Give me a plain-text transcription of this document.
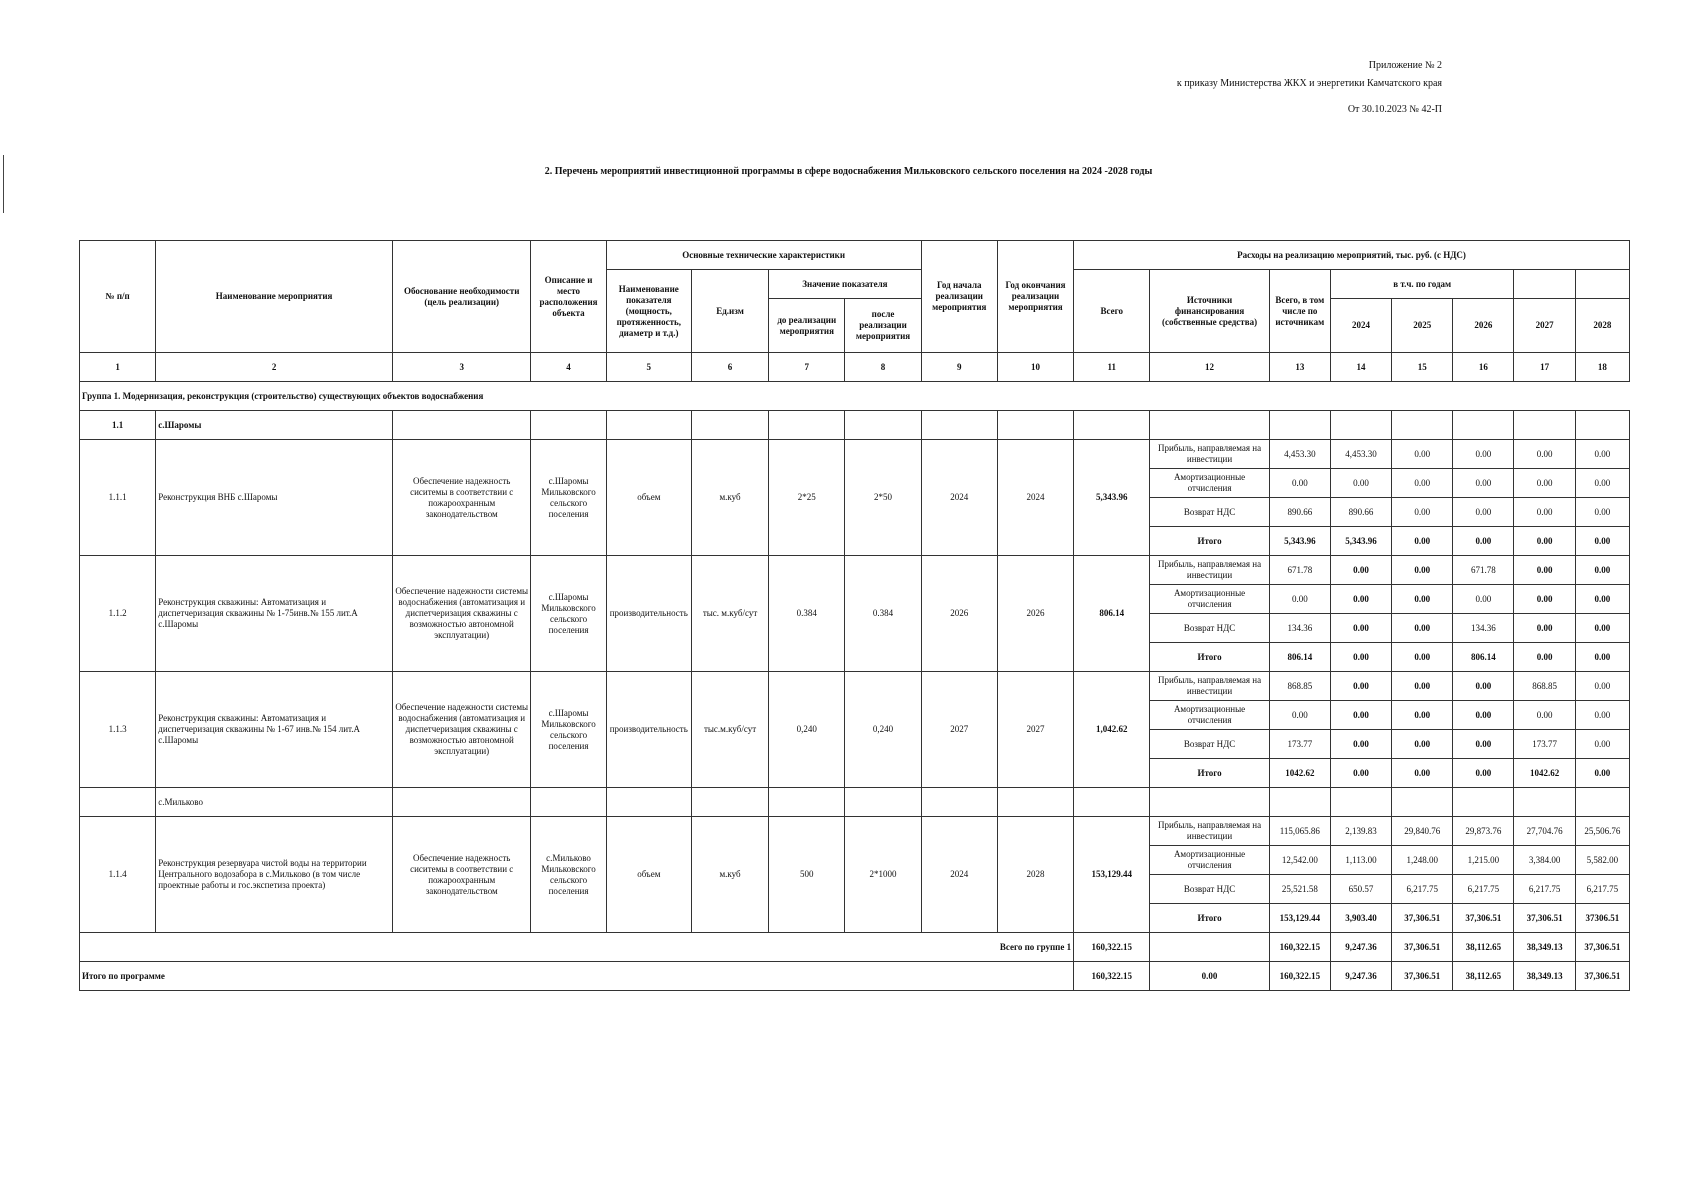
Приложение № 2
к приказу Министерства ЖКХ и энергетики Камчатского края
От 30.10.2023 № 42-П
2. Перечень мероприятий инвестиционной программы в сфере водоснабжения Мильковского сельского поселения на 2024 -2028 годы
№ п/п	Наименование мероприятия	Обоснование необходимости (цель реализации)	Описание и место расположения объекта	Основные технические характеристики				Год начала реализации мероприятия	Год окончания реализации мероприятия	Расходы на реализацию мероприятий, тыс. руб. (с НДС)							
				Наименование показателя (мощность, протяженность, диаметр и т.д.)	Ед.изм	Значение показателя				Всего	Источники финансирования (собственные средства)	Всего, в том числе по источникам	в т.ч. по годам				
						до реализации мероприятия	после реализации мероприятия						2024	2025	2026	2027	2028
1	2	3	4	5	6	7	8	9	10	11	12	13	14	15	16	17	18
Группа 1. Модернизация, реконструкция (строительство) существующих объектов водоснабжения																	
1.1	с.Шаромы																
1.1.1	Реконструкция ВНБ с.Шаромы	Обеспечение надежность сиситемы в соответствии с пожароохранным законодательством	с.Шаромы Мильковского сельского поселения	объем	м.куб	2*25	2*50	2024	2024	5,343.96	Прибыль, направляемая на инвестиции	4,453.30	4,453.30	0.00	0.00	0.00	0.00
											Амортизационные отчисления	0.00	0.00	0.00	0.00	0.00	0.00
											Возврат НДС	890.66	890.66	0.00	0.00	0.00	0.00
											Итого	5,343.96	5,343.96	0.00	0.00	0.00	0.00
1.1.2	Реконструкция скважины: Автоматизация и диспетчеризация скважины № 1-75инв.№ 155 лит.А с.Шаромы	Обеспечение надежности системы водоснабжения (автоматизация и диспетчеризация скважины с возможностью автономной эксплуатации)	с.Шаромы Мильковского сельского поселения	производительность	тыс. м.куб/сут	0.384	0.384	2026	2026	806.14	Прибыль, направляемая на инвестиции	671.78	0.00	0.00	671.78	0.00	0.00
											Амортизационные отчисления	0.00	0.00	0.00	0.00	0.00	0.00
											Возврат НДС	134.36	0.00	0.00	134.36	0.00	0.00
											Итого	806.14	0.00	0.00	806.14	0.00	0.00
1.1.3	Реконструкция скважины: Автоматизация и диспетчеризация скважины № 1-67 инв.№ 154 лит.А с.Шаромы	Обеспечение надежности системы водоснабжения (автоматизация и диспетчеризация скважины с возможностью автономной эксплуатации)	с.Шаромы Мильковского сельского поселения	производительность	тыс.м.куб/сут	0,240	0,240	2027	2027	1,042.62	Прибыль, направляемая на инвестиции	868.85	0.00	0.00	0.00	868.85	0.00
											Амортизационные отчисления	0.00	0.00	0.00	0.00	0.00	0.00
											Возврат НДС	173.77	0.00	0.00	0.00	173.77	0.00
											Итого	1042.62	0.00	0.00	0.00	1042.62	0.00
	с.Мильково																
1.1.4	Реконструкция резервуара чистой воды на территории Центрального водозабора в с.Мильково (в том числе проектные работы и гос.экспетиза проекта)	Обеспечение надежность сиситемы в соответствии с пожароохранным законодательством	с.Мильково Мильковского сельского поселения	объем	м.куб	500	2*1000	2024	2028	153,129.44	Прибыль, направляемая на инвестиции	115,065.86	2,139.83	29,840.76	29,873.76	27,704.76	25,506.76
											Амортизационные отчисления	12,542.00	1,113.00	1,248.00	1,215.00	3,384.00	5,582.00
											Возврат НДС	25,521.58	650.57	6,217.75	6,217.75	6,217.75	6,217.75
											Итого	153,129.44	3,903.40	37,306.51	37,306.51	37,306.51	37306.51
Всего по группе 1										160,322.15		160,322.15	9,247.36	37,306.51	38,112.65	38,349.13	37,306.51
Итого по программе										160,322.15	0.00	160,322.15	9,247.36	37,306.51	38,112.65	38,349.13	37,306.51
